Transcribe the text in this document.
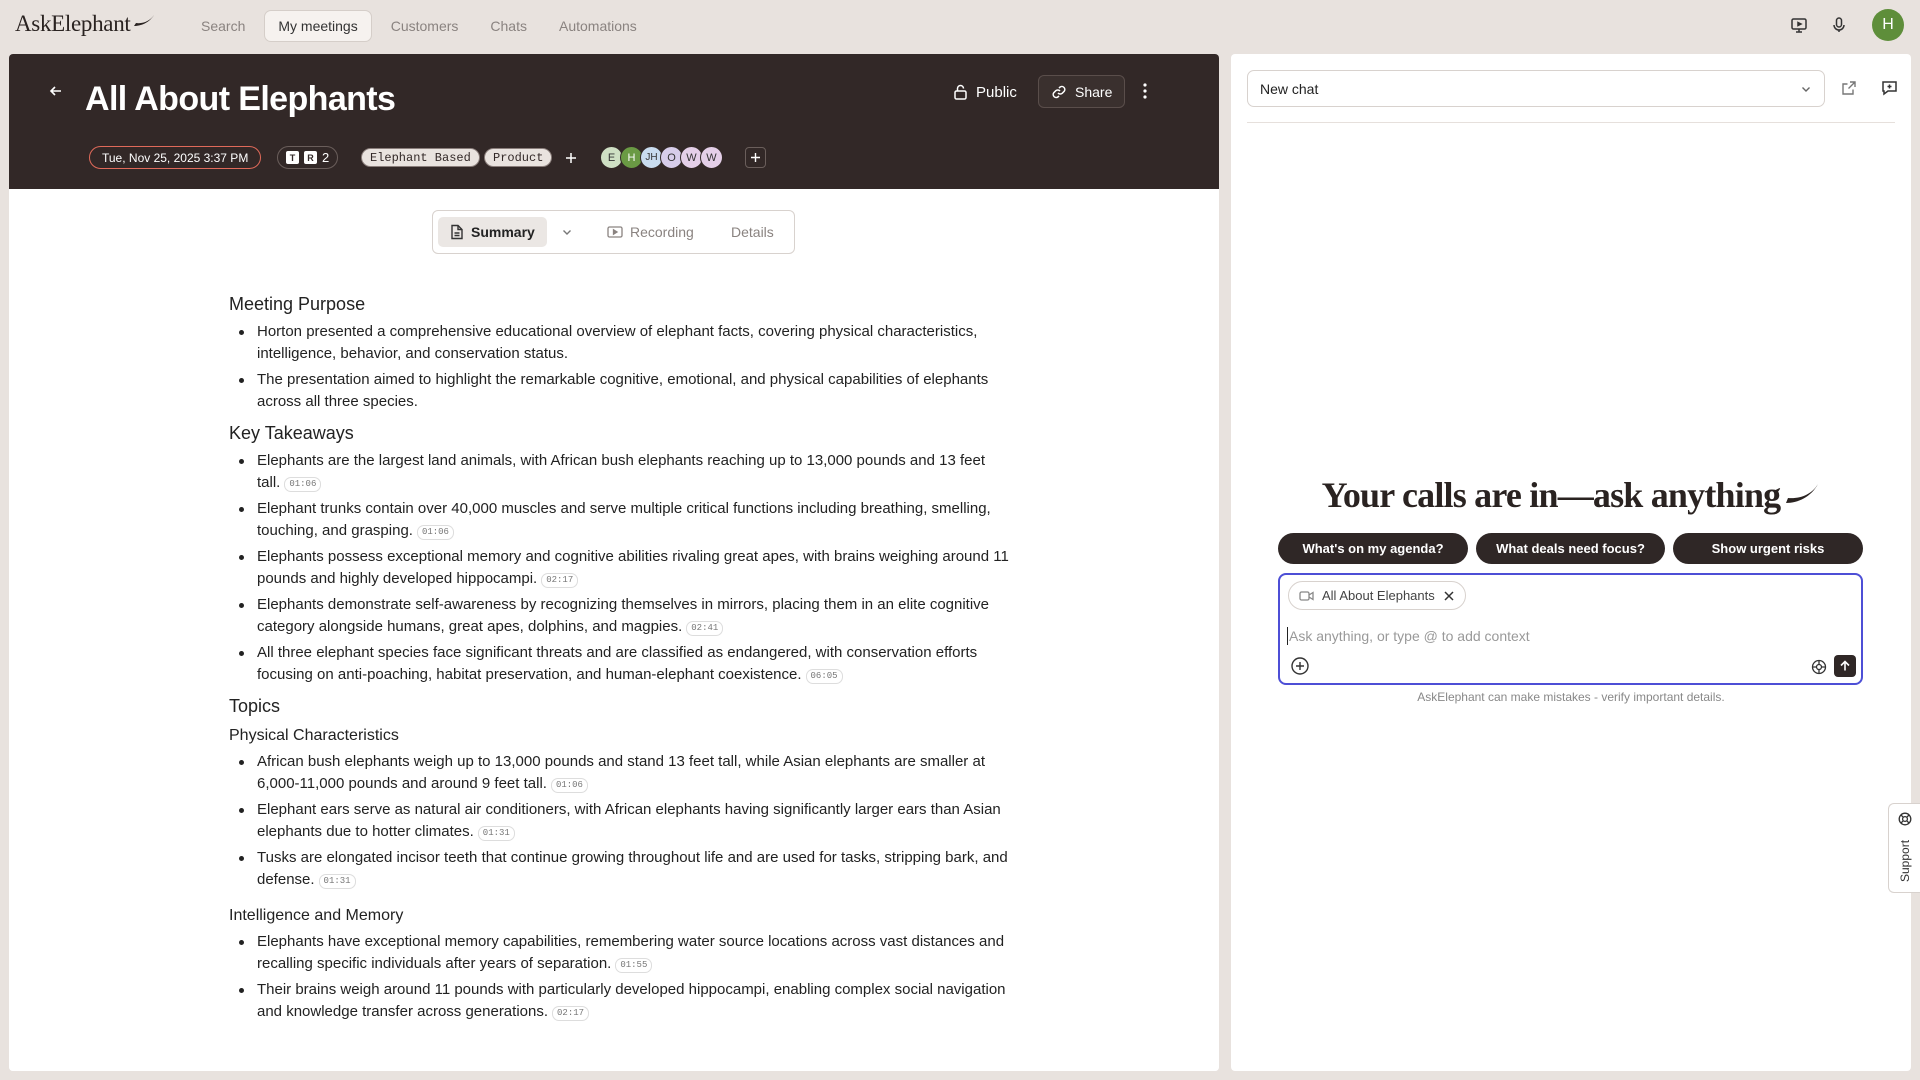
AskElephant	Search	My meetings	Customers	Chats	Automations	H
All About Elephants	Public	Share
Tue, Nov 25, 2025 3:37 PM	T	R 2	Elephant Based	Product	E	H JH O W W
Summary	Recording	Details
Meeting Purpose
Horton presented a comprehensive educational overview of elephant facts, covering physical characteristics, intelligence, behavior, and conservation status.
The presentation aimed to highlight the remarkable cognitive, emotional, and physical capabilities of elephants across all three species.
Key Takeaways
Elephants are the largest land animals, with African bush elephants reaching up to 13,000 pounds and 13 feet tall. 01:06
Elephant trunks contain over 40,000 muscles and serve multiple critical functions including breathing, smelling, touching, and grasping. 01:06
Elephants possess exceptional memory and cognitive abilities rivaling great apes, with brains weighing around 11 pounds and highly developed hippocampi. 02:17
Elephants demonstrate self-awareness by recognizing themselves in mirrors, placing them in an elite cognitive category alongside humans, great apes, dolphins, and magpies. 02:41
All three elephant species face significant threats and are classified as endangered, with conservation efforts focusing on anti-poaching, habitat preservation, and human-elephant coexistence. 06:05
Topics
Physical Characteristics
African bush elephants weigh up to 13,000 pounds and stand 13 feet tall, while Asian elephants are smaller at 6,000-11,000 pounds and around 9 feet tall. 01:06
Elephant ears serve as natural air conditioners, with African elephants having significantly larger ears than Asian elephants due to hotter climates. 01:31
Tusks are elongated incisor teeth that continue growing throughout life and are used for tasks, stripping bark, and defense. 01:31
Intelligence and Memory
Elephants have exceptional memory capabilities, remembering water source locations across vast distances and recalling specific individuals after years of separation. 01:55
Their brains weigh around 11 pounds with particularly developed hippocampi, enabling complex social navigation and knowledge transfer across generations. 02:17
New chat
Your calls are in—ask anything
What's on my agenda?	What deals need focus?	Show urgent risks
All About Elephants
Ask anything, or type @ to add context
AskElephant can make mistakes - verify important details.
Support
